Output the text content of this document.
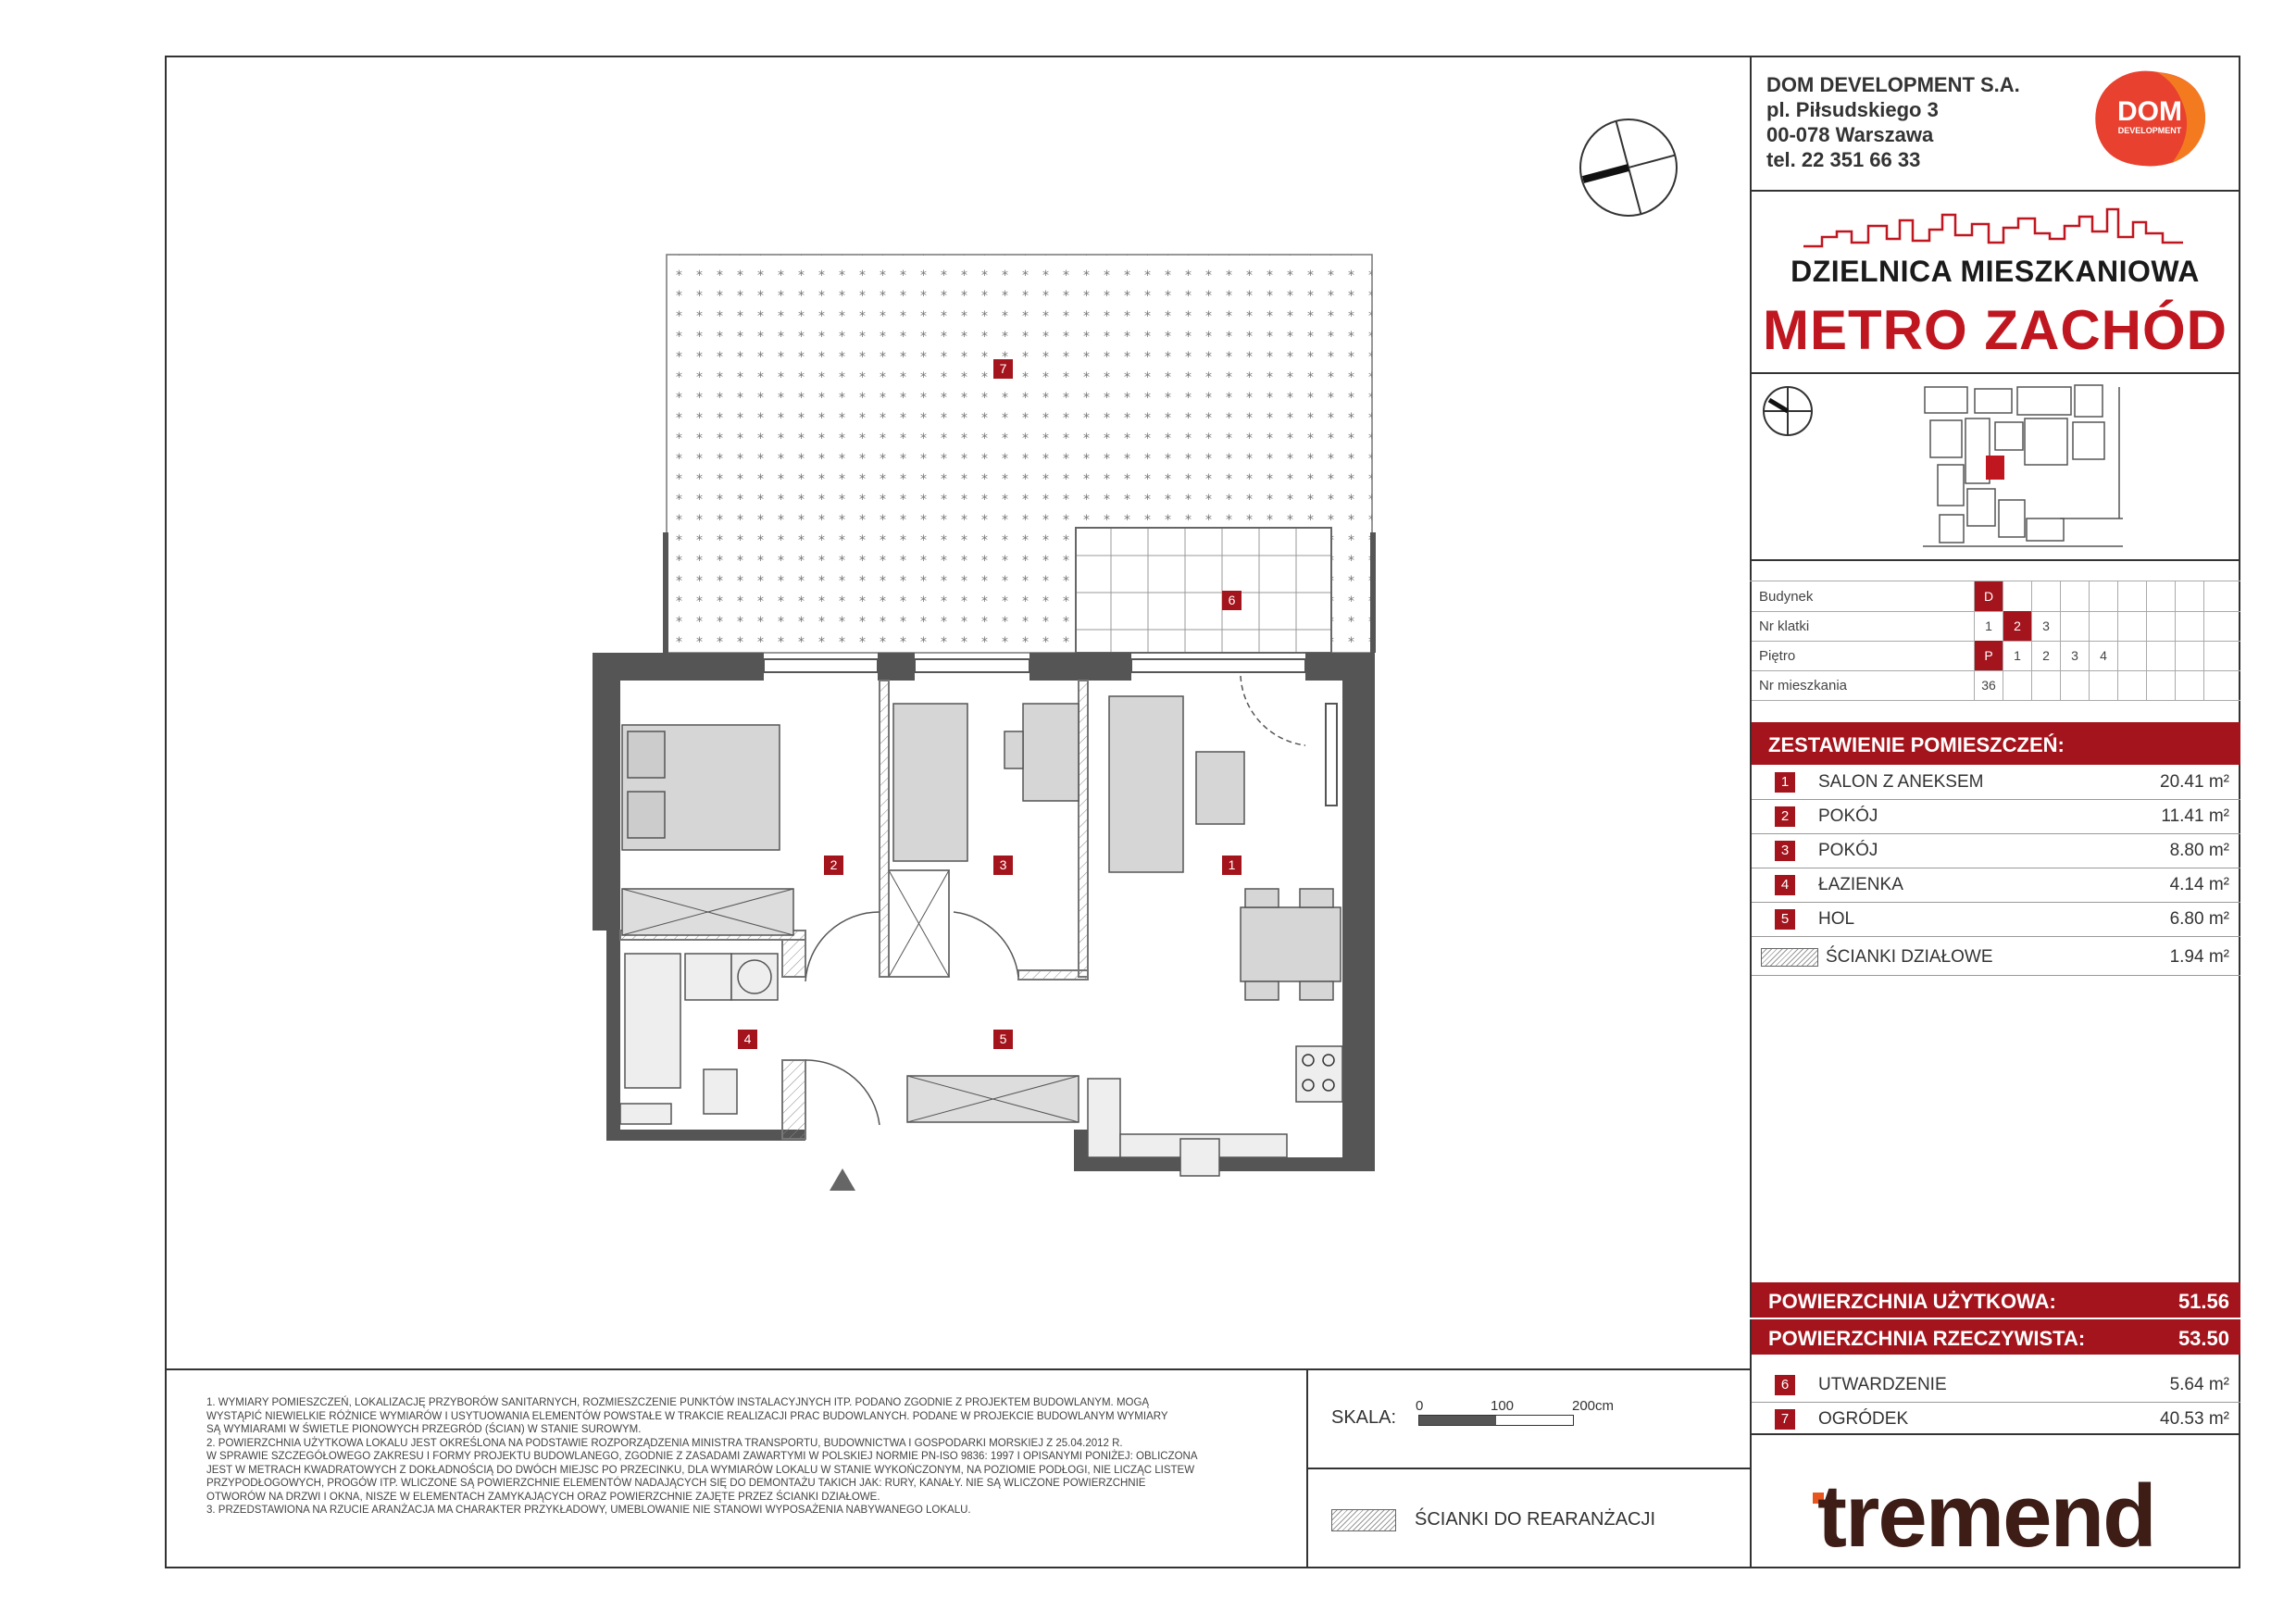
DOM DEVELOPMENT S.A.
pl. Piłsudskiego 3
00-078 Warszawa
tel. 22 351 66 33
DOM
DEVELOPMENT
DZIELNICA MIESZKANIOWA
METRO ZACHÓD
Budynek	D
Nr klatki	1	2	3
Piętro	P	1	2	3	4
Nr mieszkania	36
ZESTAWIENIE POMIESZCZEŃ:
1	SALON Z ANEKSEM	20.41 m²
2	POKÓJ	11.41 m²
3	POKÓJ	8.80 m²
4	ŁAZIENKA	4.14 m²
5	HOL	6.80 m²
ŚCIANKI DZIAŁOWE	1.94 m²
POWIERZCHNIA UŻYTKOWA:	51.56
POWIERZCHNIA RZECZYWISTA:	53.50
6	UTWARDZENIE	5.64 m²
7	OGRÓDEK	40.53 m²
tremend
1. WYMIARY POMIESZCZEŃ, LOKALIZACJĘ PRZYBORÓW SANITARNYCH, ROZMIESZCZENIE PUNKTÓW INSTALACYJNYCH ITP. PODANO ZGODNIE Z PROJEKTEM BUDOWLANYM. MOGĄ
WYSTĄPIĆ NIEWIELKIE RÓŻNICE WYMIARÓW I USYTUOWANIA ELEMENTÓW POWSTAŁE W TRAKCIE REALIZACJI PRAC BUDOWLANYCH. PODANE W PROJEKCIE BUDOWLANYM WYMIARY
SĄ WYMIARAMI W ŚWIETLE PIONOWYCH PRZEGRÓD (ŚCIAN) W STANIE SUROWYM.
2. POWIERZCHNIA UŻYTKOWA LOKALU JEST OKREŚLONA NA PODSTAWIE ROZPORZĄDZENIA MINISTRA TRANSPORTU, BUDOWNICTWA I GOSPODARKI MORSKIEJ Z 25.04.2012 R.
W SPRAWIE SZCZEGÓŁOWEGO ZAKRESU I FORMY PROJEKTU BUDOWLANEGO, ZGODNIE Z ZASADAMI ZAWARTYMI W POLSKIEJ NORMIE PN-ISO 9836: 1997 I OPISANYMI PONIŻEJ: OBLICZONA
JEST W METRACH KWADRATOWYCH Z DOKŁADNOŚCIĄ DO DWÓCH MIEJSC PO PRZECINKU, DLA WYMIARÓW LOKALU W STANIE WYKOŃCZONYM, NA POZIOMIE PODŁOGI, NIE LICZĄC LISTEW
PRZYPODŁOGOWYCH, PROGÓW ITP. WLICZONE SĄ POWIERZCHNIE ELEMENTÓW NADAJĄCYCH SIĘ DO DEMONTAŻU TAKICH JAK: RURY, KANAŁY. NIE SĄ WLICZONE POWIERZCHNIE
OTWORÓW NA DRZWI I OKNA, NISZE W ELEMENTACH ZAMYKAJĄCYCH ORAZ POWIERZCHNIE ZAJĘTE PRZEZ ŚCIANKI DZIAŁOWE.
3. PRZEDSTAWIONA NA RZUCIE ARANŻACJA MA CHARAKTER PRZYKŁADOWY, UMEBLOWANIE NIE STANOWI WYPOSAŻENIA NABYWANEGO LOKALU.
SKALA:
0	100	200cm
ŚCIANKI DO REARANŻACJI
7
6
2	3	1
4	5
